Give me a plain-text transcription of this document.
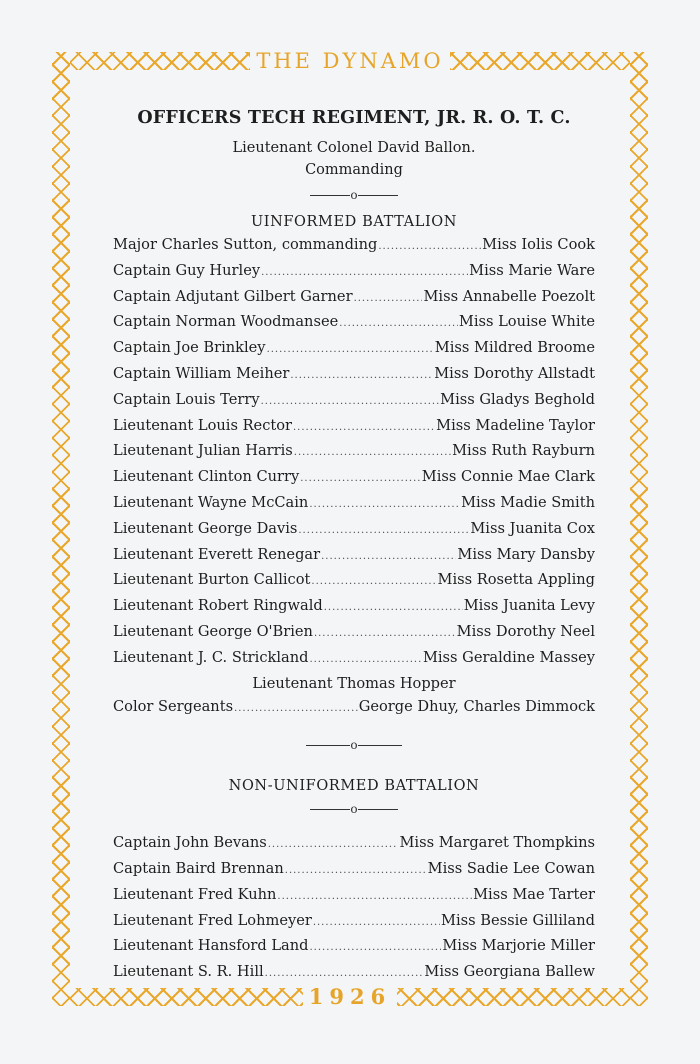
THE DYNAMO

OFFICERS TECH REGIMENT, JR. R. O. T. C.

Lieutenant Colonel David Ballon.

Commanding

o

UINFORMED BATTALION

Major Charles Sutton, commanding .....	Miss Iolis Cook
Captain Guy Hurley .....	Miss Marie Ware
Captain Adjutant Gilbert Garner .....	Miss Annabelle Poezolt
Captain Norman Woodmansee .....	Miss Louise White
Captain Joe Brinkley .....	Miss Mildred Broome
Captain William Meiher .....	Miss Dorothy Allstadt
Captain Louis Terry .....	Miss Gladys Beghold
Lieutenant Louis Rector .....	Miss Madeline Taylor
Lieutenant Julian Harris .....	Miss Ruth Rayburn
Lieutenant Clinton Curry .....	Miss Connie Mae Clark
Lieutenant Wayne McCain .....	Miss Madie Smith
Lieutenant George Davis .....	Miss Juanita Cox
Lieutenant Everett Renegar .....	Miss Mary Dansby
Lieutenant Burton Callicot .....	Miss Rosetta Appling
Lieutenant Robert Ringwald .....	Miss Juanita Levy
Lieutenant George O'Brien .....	Miss Dorothy Neel
Lieutenant J. C. Strickland .....	Miss Geraldine Massey
Lieutenant Thomas Hopper
Color Sergeants .....	George Dhuy, Charles Dimmock

o

NON-UNIFORMED BATTALION

o

Captain John Bevans .....	Miss Margaret Thompkins
Captain Baird Brennan .....	Miss Sadie Lee Cowan
Lieutenant Fred Kuhn .....	Miss Mae Tarter
Lieutenant Fred Lohmeyer .....	Miss Bessie Gilliland
Lieutenant Hansford Land .....	Miss Marjorie Miller
Lieutenant S. R. Hill .....	Miss Georgiana Ballew
1926
